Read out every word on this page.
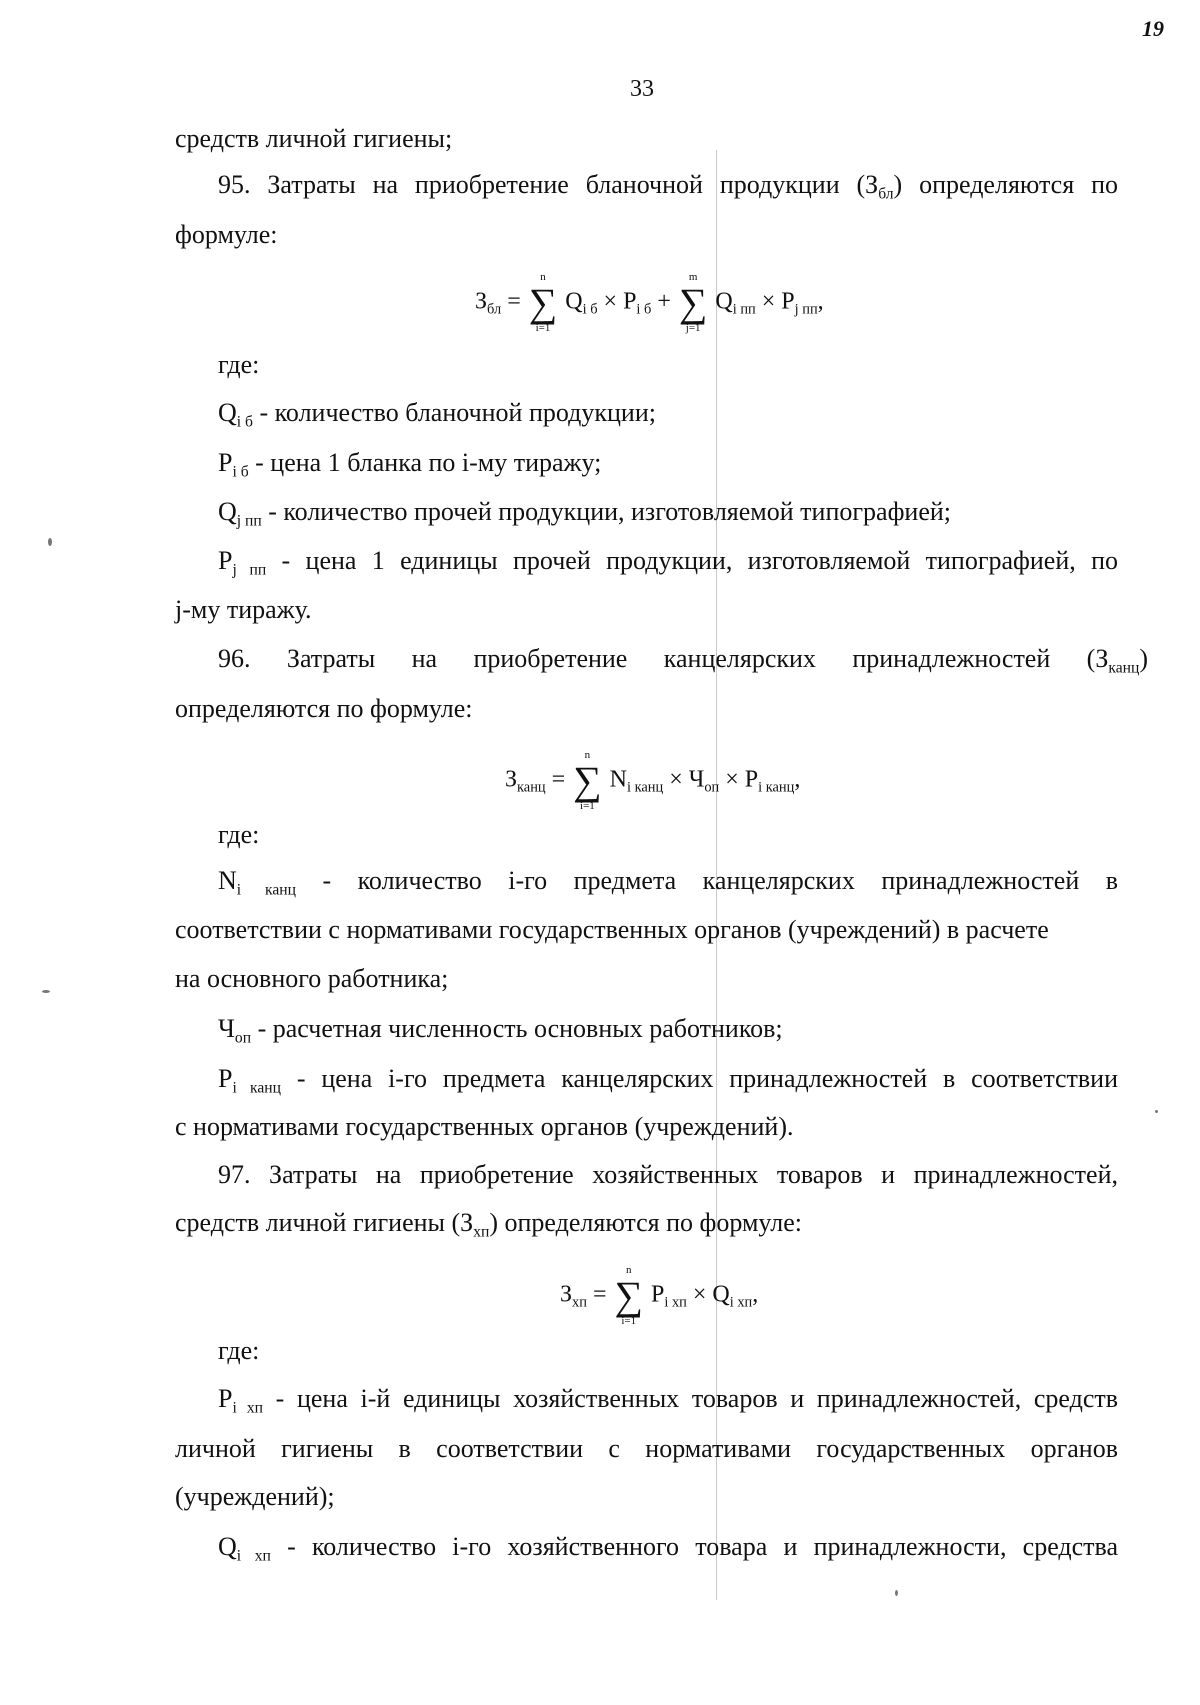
19
33
средств личной гигиены;
95. Затраты на приобретение бланочной продукции $(З_{бл})$ определяются по
формуле:
$З_{бл}$ =
n
∑
i=1
$Q_{i б} \times P_{i б}$ +
m
∑
j=1
$Q_{i пп} \times P_{j пп}$,
где:
$Q_{i б}$ - количество бланочной продукции;
$P_{i б}$ - цена 1 бланка по i-му тиражу;
$Q_{j пп}$ - количество прочей продукции, изготовляемой типографией;
$P_{j пп}$ - цена 1 единицы прочей продукции, изготовляемой типографией, по
j-му тиражу.
96. Затраты на приобретение канцелярских принадлежностей $(З_{канц})$
определяются по формуле:
$З_{канц}$ =
n
∑
i=1
$N_{i канц} \times Ч_{оп} \times P_{i канц}$,
где:
$N_{i канц}$ - количество i-го предмета канцелярских принадлежностей в
соответствии с нормативами государственных органов (учреждений) в расчете
на основного работника;
$Ч_{оп}$ - расчетная численность основных работников;
$P_{i канц}$ - цена i-го предмета канцелярских принадлежностей в соответствии
с нормативами государственных органов (учреждений).
97. Затраты на приобретение хозяйственных товаров и принадлежностей,
средств личной гигиены $(З_{хп})$ определяются по формуле:
$З_{хп}$ =
n
∑
i=1
$P_{i хп} \times Q_{i хп}$,
где:
$P_{i хп}$ - цена i-й единицы хозяйственных товаров и принадлежностей, средств
личной гигиены в соответствии с нормативами государственных органов
(учреждений);
$Q_{i хп}$ - количество i-го хозяйственного товара и принадлежности, средства
